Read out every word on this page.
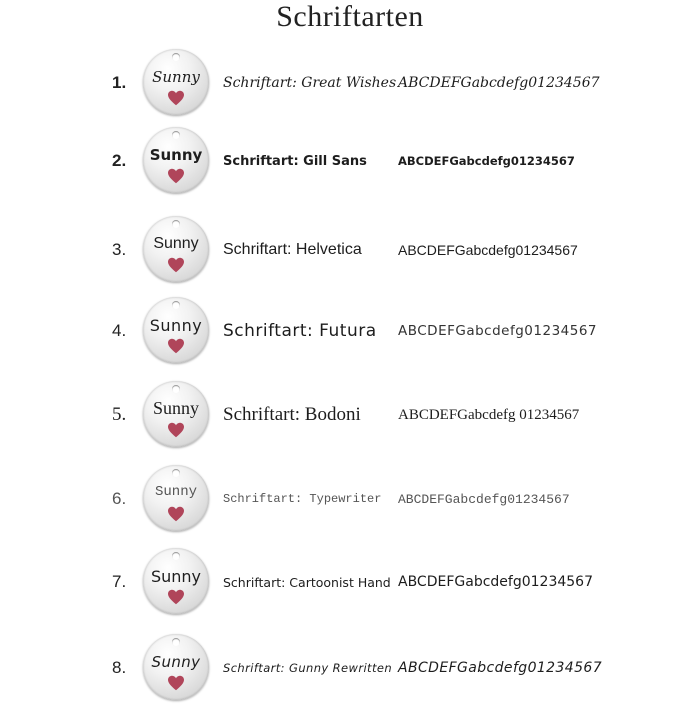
Schriftarten
1.	Sunny	Schriftart: Great Wishes ABCDEFGabcdefg01234567
2.	Sunny	Schriftart: Gill Sans	ABCDEFGabcdefg01234567
3.	Sunny	Schriftart: Helvetica	ABCDEFGabcdefg01234567
4.	Sunny	Schriftart: Futura ABCDEFGabcdefg01234567
5.	Sunny	Schriftart: Bodoni ABCDEFGabcdefg 01234567
6.	Sunny	Schriftart: Typewriter ABCDEFGabcdefg01234567
7.	Sunny	Schriftart: Cartoonist Hand ABCDEFGabcdefg01234567
8.	Sunny	Schriftart: Gunny Rewritten ABCDEFGabcdefg01234567
